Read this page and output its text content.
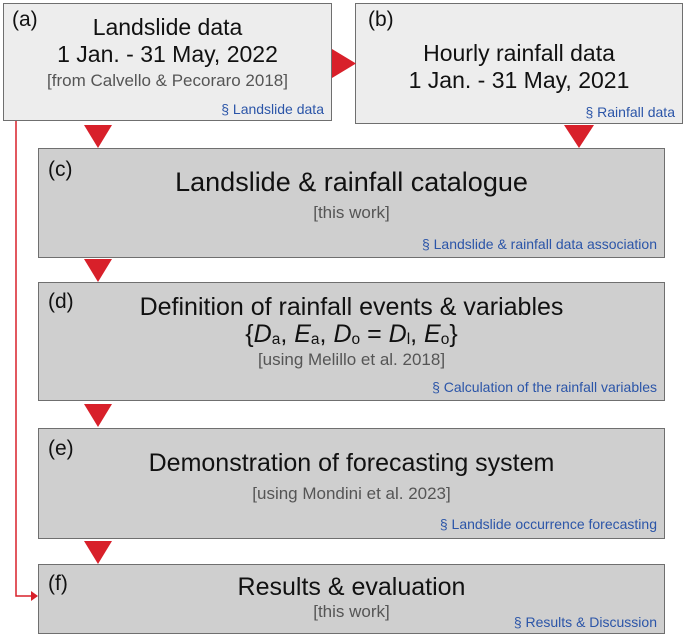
(a)	Landslide data
1 Jan. - 31 May, 2022
[from Calvello & Pecoraro 2018]
§ Landslide data
(b)
Hourly rainfall data
1 Jan. - 31 May, 2021
§ Rainfall data
(c)	Landslide & rainfall catalogue
[this work]
§ Landslide & rainfall data association
(d)	Definition of rainfall events & variables
{$D_a$, $E_a$, $D_o = D_l$, $E_o$}
[using Melillo et al. 2018]
§ Calculation of the rainfall variables
(e)
Demonstration of forecasting system
[using Mondini et al. 2023]
§ Landslide occurrence forecasting
(f)	Results & evaluation
[this work]
§ Results & Discussion
